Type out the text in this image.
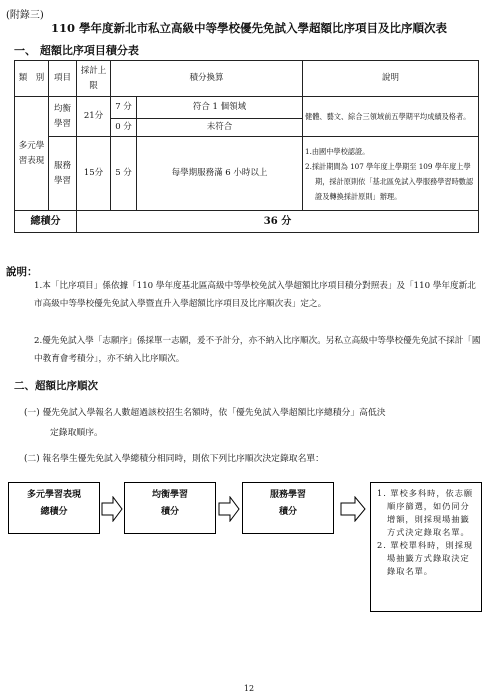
(附錄三)
110 學年度新北市私立高級中等學校優先免試入學超額比序項目及比序順次表
一、 超額比序項目積分表
類　別	項目	採計上限	積分換算		說明
多元學習表現	均衡學習	21分	7 分	符合 1 個領域	健體、藝文、綜合三領域前五學期平均成績及格者。
			0 分	未符合	
	服務學習	15分	5 分	每學期服務滿 6 小時以上	1.由國中學校認證。
2.採計期間為 107 學年度上學期至 109 學年度上學期，採計原則依「基北區免試入學服務學習時數認證及轉換採計原則」辦理。

總積分		36 分			
說明：
1.本「比序項目」係依據「110 學年度基北區高級中等學校免試入學超額比序項目積分對照表」及「110 學年度新北市高級中等學校優先免試入學暨直升入學超額比序項目及比序順次表」定之。
2.優先免試入學「志願序」係採單一志願，爰不予計分，亦不納入比序順次。另私立高級中等學校優先免試不採計「國中教育會考積分」，亦不納入比序順次。
二、超額比序順次
(一) 優先免試入學報名人數超過該校招生名額時，依「優先免試入學超額比序總積分」高低決
定錄取順序。
(二) 報名學生優先免試入學總積分相同時，則依下列比序順次決定錄取名單：
多元學習表現
總積分
均衡學習
積分
服務學習
積分
1. 單校多科時，依志願順序篩選，如仍同分增額，則採現場抽籤方式決定錄取名單。
2. 單校單科時，則採現場抽籤方式錄取決定錄取名單。
12
